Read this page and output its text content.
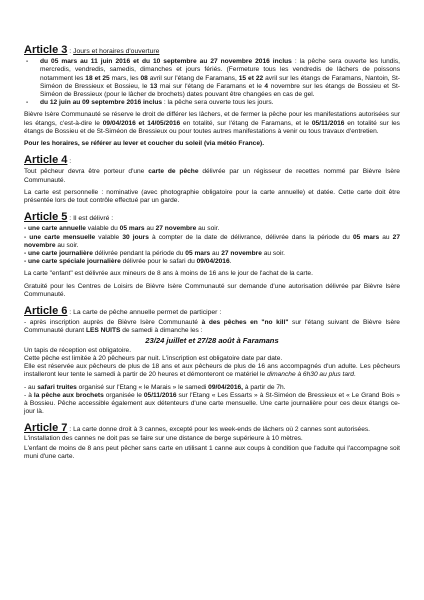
Article 3 : Jours et horaires d'ouverture
- du 05 mars au 11 juin 2016 et du 10 septembre au 27 novembre 2016 inclus : la pêche sera ouverte les lundis, mercredis, vendredis, samedis, dimanches et jours fériés. (Fermeture tous les vendredis de lâchers de poissons notamment les 18 et 25 mars, les 08 avril sur l'étang de Faramans, 15 et 22 avril sur les étangs de Faramans, Nantoin, St-Siméon de Bressieux et Bossieu, le 13 mai sur l'étang de Faramans et le 4 novembre sur les étangs de Bossieu et St-Siméon de Bressieux (pour le lâcher de brochets) dates pouvant être changées en cas de gel.
- du 12 juin au 09 septembre 2016 inclus : la pêche sera ouverte tous les jours.

Bièvre Isère Communauté se réserve le droit de différer les lâchers, et de fermer la pêche pour les manifestations autorisées sur les étangs, c'est-à-dire le 09/04/2016 et 14/05/2016 en totalité, sur l'étang de Faramans, et le 05/11/2016 en totalité sur les étangs de Bossieu et de St-Siméon de Bressieux ou pour toutes autres manifestations à venir ou tous travaux d'entretien.

Pour les horaires, se référer au lever et coucher du soleil (via météo France).

Article 4 :

Tout pêcheur devra être porteur d'une carte de pêche délivrée par un régisseur de recettes nommé par Bièvre Isère Communauté.

La carte est personnelle : nominative (avec photographie obligatoire pour la carte annuelle) et datée. Cette carte doit être présentée lors de tout contrôle effectué par un garde.

Article 5 : Il est délivré :
- une carte annuelle valable du 05 mars au 27 novembre au soir.
- une carte mensuelle valable 30 jours à compter de la date de délivrance, délivrée dans la période du 05 mars au 27 novembre au soir.
- une carte journalière délivrée pendant la période du 05 mars au 27 novembre au soir.
- une carte spéciale journalière délivrée pour le safari du 09/04/2016.

La carte "enfant" est délivrée aux mineurs de 8 ans à moins de 16 ans le jour de l'achat de la carte.

Gratuité pour les Centres de Loisirs de Bièvre Isère Communauté sur demande d'une autorisation délivrée par Bièvre Isère Communauté.

Article 6 : La carte de pêche annuelle permet de participer :

- après inscription auprès de Bièvre Isère Communauté à des pêches en "no kill" sur l'étang suivant de Bièvre Isère Communauté durant LES NUITS de samedi à dimanche les :

23/24 juillet et 27/28 août à Faramans

Un tapis de réception est obligatoire.

Cette pêche est limitée à 20 pêcheurs par nuit. L'inscription est obligatoire date par date.

Elle est réservée aux pêcheurs de plus de 18 ans et aux pêcheurs de plus de 16 ans accompagnés d'un adulte. Les pêcheurs installeront leur tente le samedi à partir de 20 heures et démonteront ce matériel le dimanche à 6h30 au plus tard.

- au safari truites organisé sur l'Etang « le Marais » le samedi 09/04/2016, à partir de 7h.

- à la pêche aux brochets organisée le 05/11/2016 sur l'Etang « Les Essarts » à St-Siméon de Bressieux et « Le Grand Bois » à Bossieu. Pêche accessible également aux détenteurs d'une carte mensuelle. Une carte journalière pour ces deux étangs ce-jour là.

Article 7 : La carte donne droit à 3 cannes, excepté pour les week-ends de lâchers où 2 cannes sont autorisées. L'installation des cannes ne doit pas se faire sur une distance de berge supérieure à 10 mètres.

L'enfant de moins de 8 ans peut pêcher sans carte en utilisant 1 canne aux coups à condition que l'adulte qui l'accompagne soit muni d'une carte.
